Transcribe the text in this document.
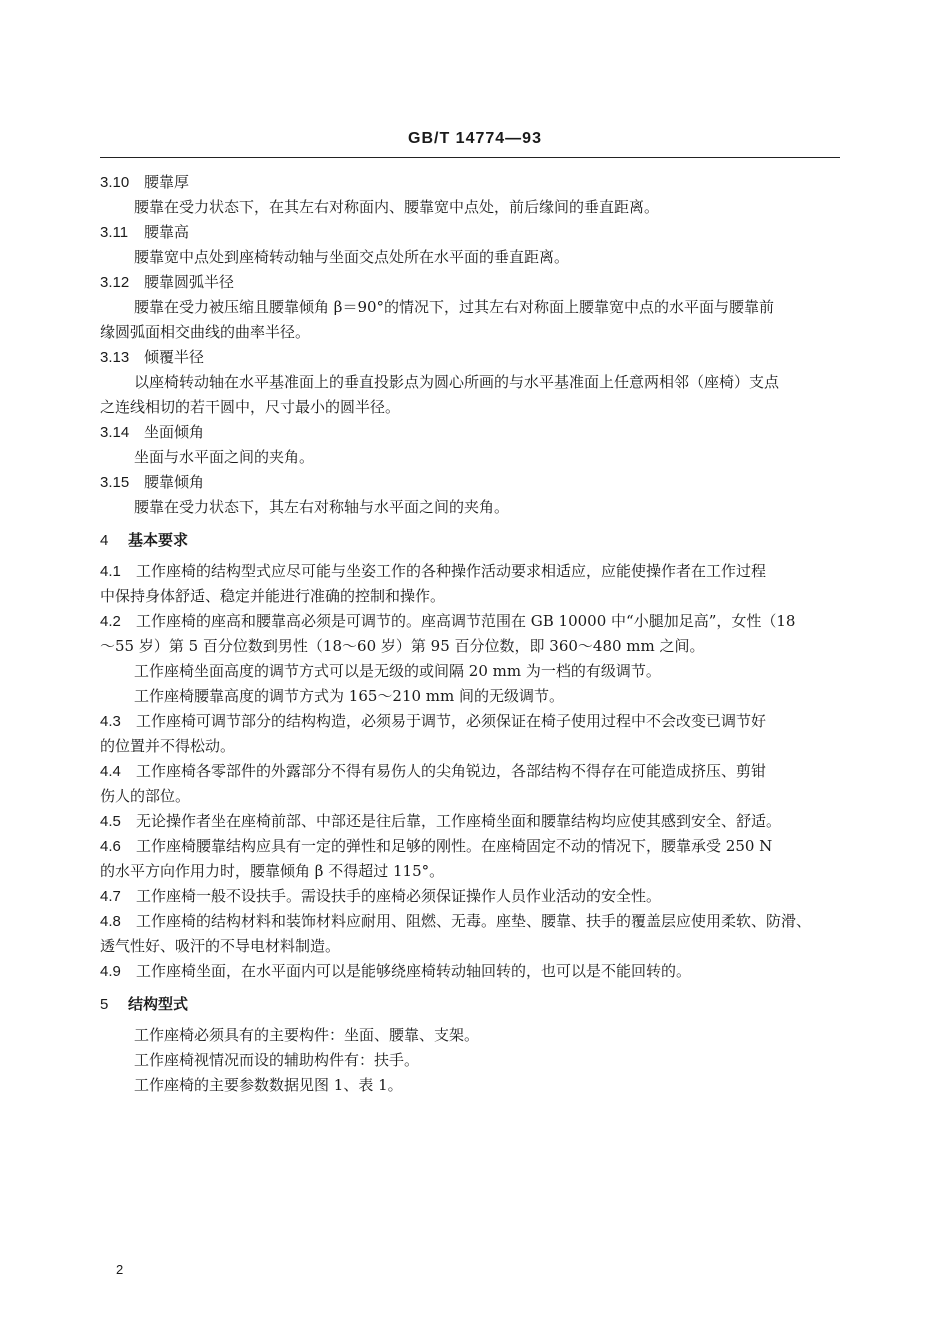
GB/T 14774—93
3.10 腰靠厚
腰靠在受力状态下，在其左右对称面内、腰靠宽中点处，前后缘间的垂直距离。
3.11 腰靠高
腰靠宽中点处到座椅转动轴与坐面交点处所在水平面的垂直距离。
3.12 腰靠圆弧半径
腰靠在受力被压缩且腰靠倾角 β＝90°的情况下，过其左右对称面上腰靠宽中点的水平面与腰靠前
缘圆弧面相交曲线的曲率半径。
3.13 倾覆半径
以座椅转动轴在水平基准面上的垂直投影点为圆心所画的与水平基准面上任意两相邻（座椅）支点
之连线相切的若干圆中，尺寸最小的圆半径。
3.14 坐面倾角
坐面与水平面之间的夹角。
3.15 腰靠倾角
腰靠在受力状态下，其左右对称轴与水平面之间的夹角。
4 基本要求
4.1 工作座椅的结构型式应尽可能与坐姿工作的各种操作活动要求相适应，应能使操作者在工作过程
中保持身体舒适、稳定并能进行准确的控制和操作。
4.2 工作座椅的座高和腰靠高必须是可调节的。座高调节范围在 GB 10000 中“小腿加足高”，女性（18
～55 岁）第 5 百分位数到男性（18～60 岁）第 95 百分位数，即 360～480 mm 之间。
工作座椅坐面高度的调节方式可以是无级的或间隔 20 mm 为一档的有级调节。
工作座椅腰靠高度的调节方式为 165～210 mm 间的无级调节。
4.3 工作座椅可调节部分的结构构造，必须易于调节，必须保证在椅子使用过程中不会改变已调节好
的位置并不得松动。
4.4 工作座椅各零部件的外露部分不得有易伤人的尖角锐边，各部结构不得存在可能造成挤压、剪钳
伤人的部位。
4.5 无论操作者坐在座椅前部、中部还是往后靠，工作座椅坐面和腰靠结构均应使其感到安全、舒适。
4.6 工作座椅腰靠结构应具有一定的弹性和足够的刚性。在座椅固定不动的情况下，腰靠承受 250 N
的水平方向作用力时，腰靠倾角 β 不得超过 115°。
4.7 工作座椅一般不设扶手。需设扶手的座椅必须保证操作人员作业活动的安全性。
4.8 工作座椅的结构材料和装饰材料应耐用、阻燃、无毒。座垫、腰靠、扶手的覆盖层应使用柔软、防滑、
透气性好、吸汗的不导电材料制造。
4.9 工作座椅坐面，在水平面内可以是能够绕座椅转动轴回转的，也可以是不能回转的。
5 结构型式
工作座椅必须具有的主要构件：坐面、腰靠、支架。
工作座椅视情况而设的辅助构件有：扶手。
工作座椅的主要参数数据见图 1、表 1。
2
